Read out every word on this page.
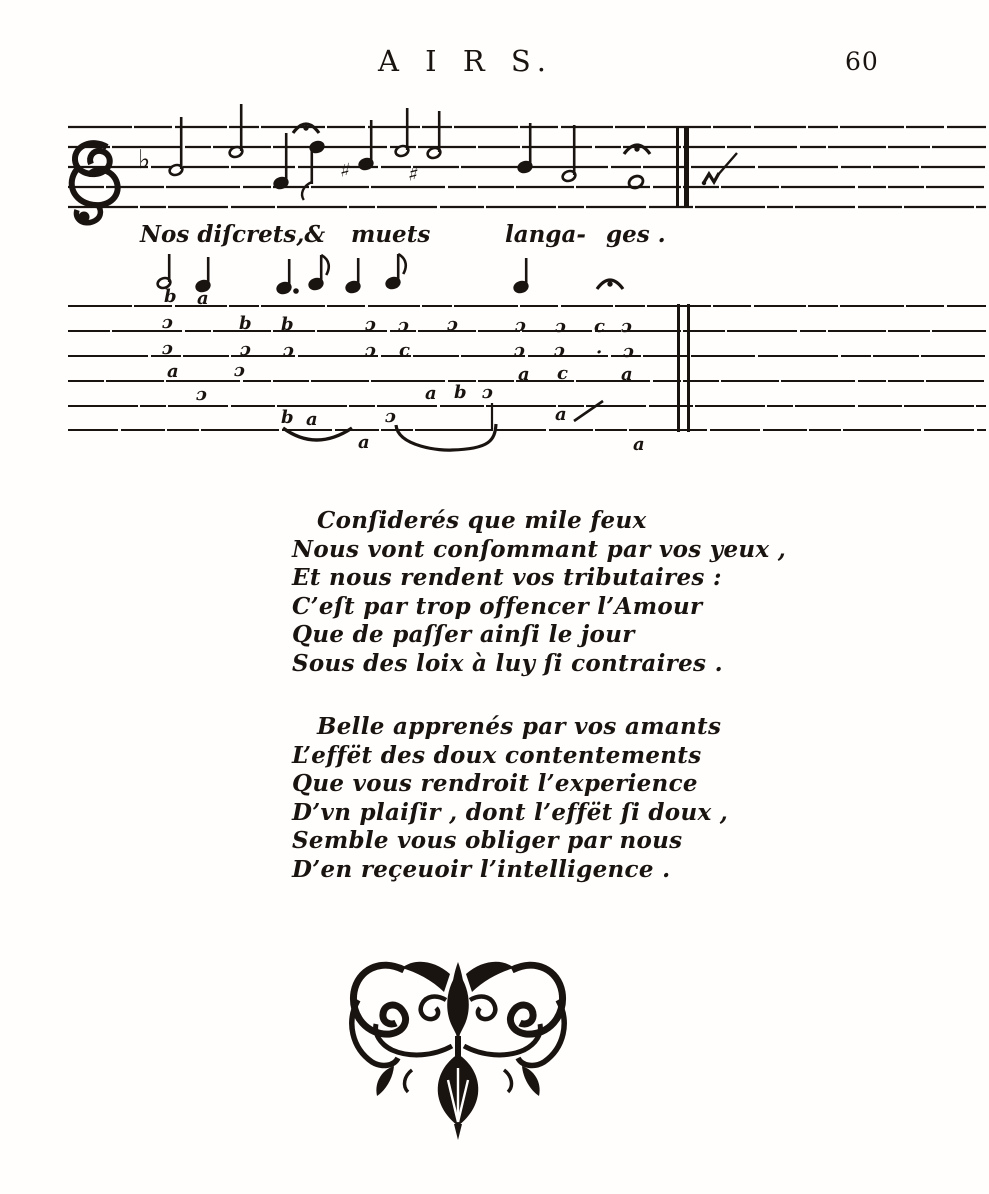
A I R S.	60
♭	♯	♯
Nos diſcrets,& muets	langa- ges .
b a
ɔ	b b	ɔ ɔ ɔ	ɔ ɔ c ɔ
ɔ	ɔ ɔ	ɔ c	ɔ ɔ · ɔ
a	ɔ	a c	a
ɔ	a b ɔ
b a	ɔ	a
a	a
Conſiderés que mile feux
Nous vont conſommant par vos yeux ,
Et nous rendent vos tributaires :
C’eſt par trop offencer l’Amour
Que de paſſer ainſi le jour
Sous des loix à luy ſi contraires .
Belle apprenés par vos amants
L’effët des doux contentements
Que vous rendroit l’experience
D’vn plaiſir , dont l’effët ſi doux ,
Semble vous obliger par nous
D’en reçeuoir l’intelligence .
